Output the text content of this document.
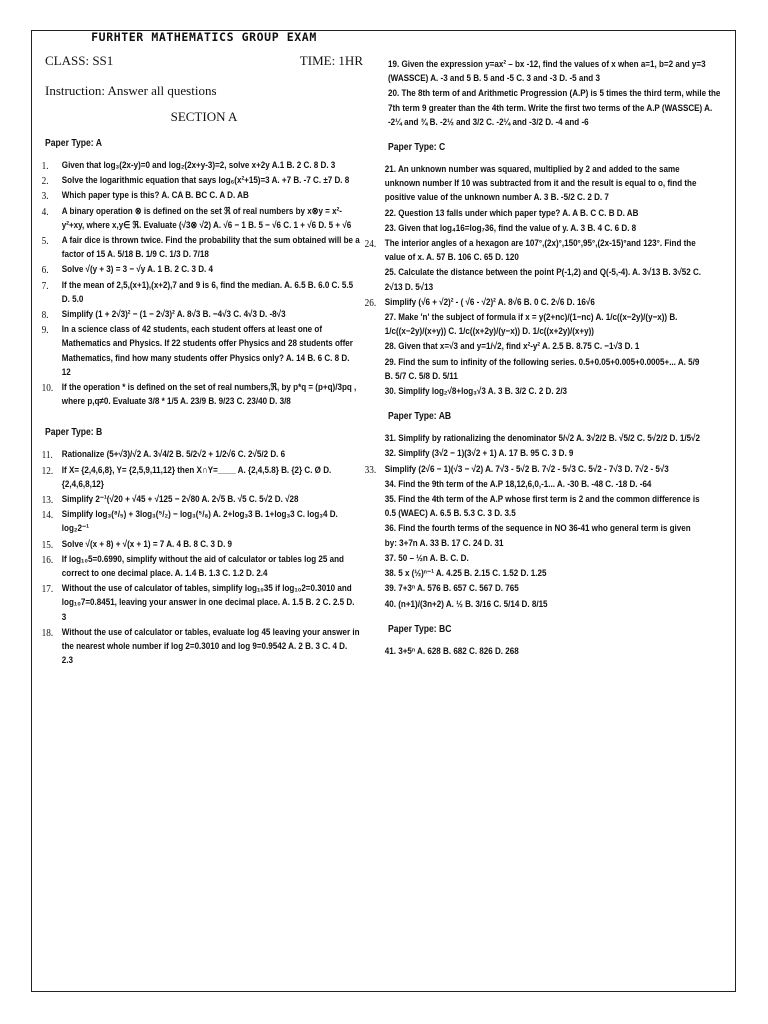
FURHTER MATHEMATICS GROUP EXAM
CLASS: SS1	TIME: 1HR
Instruction: Answer all questions
SECTION A
Paper Type: A
1. Given that log₃(2x-y)=0 and log₂(2x+y-3)=2, solve x+2y A.1 B. 2 C. 8 D. 3
2. Solve the logarithmic equation that says log₆(x²+15)=3 A. +7 B. -7 C. ±7 D. 8
3. Which paper type is this? A. CA B. BC C. A D. AB
4. A binary operation ⊗ is defined on the set ℜ of real numbers by x⊗y = x²-y²+xy, where x,y∈ ℜ. Evaluate (√3⊗ √2) A. √6 − 1 B. 5 − √6 C. 1 + √6 D. 5 + √6
5. A fair dice is thrown twice. Find the probability that the sum obtained will be a factor of 15 A. 5/18 B. 1/9 C. 1/3 D. 7/18
6. Solve √(y + 3) = 3 − √y A. 1 B. 2 C. 3 D. 4
7. If the mean of 2,5,(x+1),(x+2),7 and 9 is 6, find the median. A. 6.5 B. 6.0 C. 5.5 D. 5.0
8. Simplify (1 + 2√3)² − (1 − 2√3)² A. 8√3 B. −4√3 C. 4√3 D. -8√3
9. In a science class of 42 students, each student offers at least one of Mathematics and Physics. If 22 students offer Physics and 28 students offer Mathematics, find how many students offer Physics only? A. 14 B. 6 C. 8 D. 12
10. If the operation * is defined on the set of real numbers,ℜ, by p*q = (p+q)/3pq , where p,q≠0. Evaluate 3/8 * 1/5 A. 23/9 B. 9/23 C. 23/40 D. 3/8
Paper Type: B
11. Rationalize (5+√3)/√2 A. 3√4/2 B. 5/2√2 + 1/2√6 C. 2√5/2 D. 6
12. If X= {2,4,6,8}, Y= {2,5,9,11,12} then X∩Y=____ A. {2,4,5.8} B. {2} C. Ø D. {2,4,6,8,12}
13. Simplify 2⁻¹(√20 + √45 + √125 − 2√80 A. 2√5 B. √5 C. 5√2 D. √28
14. Simplify log₃(⁸/₅) + 3log₃(⁵/₂) − log₃(⁵/₈) A. 2+log₃3 B. 1+log₃3 C. log₃4 D. log₂2⁻¹
15. Solve √(x + 8) + √(x + 1) = 7 A. 4 B. 8 C. 3 D. 9
16. If log₁₀5=0.6990, simplify without the aid of calculator or tables log 25 and correct to one decimal place. A. 1.4 B. 1.3 C. 1.2 D. 2.4
17. Without the use of calculator of tables, simplify log₁₀35 if log₁₀2=0.3010 and log₁₀7=0.8451, leaving your answer in one decimal place. A. 1.5 B. 2 C. 2.5 D. 3
18. Without the use of calculator or tables, evaluate log 45 leaving your answer in the nearest whole number if log 2=0.3010 and log 9=0.9542 A. 2 B. 3 C. 4 D. 2.3
19. Given the expression y=ax² – bx -12, find the values of x when a=1, b=2 and y=3 (WASSCE) A. -3 and 5 B. 5 and -5 C. 3 and -3 D. -5 and 3
20. The 8th term of and Arithmetic Progression (A.P) is 5 times the third term, while the 7th term 9 greater than the 4th term. Write the first two terms of the A.P (WASSCE) A. -2¼ and ¾ B. -2½ and 3/2 C. -2¼ and -3/2 D. -4 and -6
Paper Type: C
21. An unknown number was squared, multiplied by 2 and added to the same unknown number If 10 was subtracted from it and the result is equal to o, find the positive value of the unknown number A. 3 B. -5/2 C. 2 D. 7
22. Question 13 falls under which paper type? A. A B. C C. B D. AB
23. Given that log₄16=log₇36, find the value of y. A. 3 B. 4 C. 6 D. 8
24. The interior angles of a hexagon are 107°,(2x)°,150°,95°,(2x-15)°and 123°. Find the value of x. A. 57 B. 106 C. 65 D. 120
25. Calculate the distance between the point P(-1,2) and Q(-5,-4). A. 3√13 B. 3√52 C. 2√13 D. 5√13
26. Simplify (√6 + √2)² - ( √6 - √2)² A. 8√6 B. 0 C. 2√6 D. 16√6
27. Make 'n' the subject of formula if x = y(2+nc)/(1−nc) A. 1/c((x−2y)/(y−x)) B. 1/c((x−2y)/(x+y)) C. 1/c((x+2y)/(y−x)) D. 1/c((x+2y)/(x+y))
28. Given that x=√3 and y=1/√2, find x²-y² A. 2.5 B. 8.75 C. −1√3 D. 1
29. Find the sum to infinity of the following series. 0.5+0.05+0.005+0.0005+... A. 5/9 B. 5/7 C. 5/8 D. 5/11
30. Simplify log₂√8+log₃√3 A. 3 B. 3/2 C. 2 D. 2/3
Paper Type: AB
31. Simplify by rationalizing the denominator 5/√2 A. 3√2/2 B. √5/2 C. 5√2/2 D. 1/5√2
32. Simplify (3√2 − 1)(3√2 + 1) A. 17 B. 95 C. 3 D. 9
33. Simplify (2√6 − 1)(√3 − √2) A. 7√3 - 5√2 B. 7√2 - 5√3 C. 5√2 - 7√3 D. 7√2 - 5√3
34. Find the 9th term of the A.P 18,12,6,0,-1... A. -30 B. -48 C. -18 D. -64
35. Find the 4th term of the A.P whose first term is 2 and the common difference is 0.5 (WAEC) A. 6.5 B. 5.3 C. 3 D. 3.5
36. Find the fourth terms of the sequence in NO 36-41 who general term is given by: 3+7n A. 33 B. 17 C. 24 D. 31
37. 50 – ½n A. B. C. D.
38. 5 x (½)ⁿ⁻¹ A. 4.25 B. 2.15 C. 1.52 D. 1.25
39. 7+3ⁿ A. 576 B. 657 C. 567 D. 765
40. (n+1)/(3n+2) A. ½ B. 3/16 C. 5/14 D. 8/15
Paper Type: BC
41. 3+5ⁿ A. 628 B. 682 C. 826 D. 268
